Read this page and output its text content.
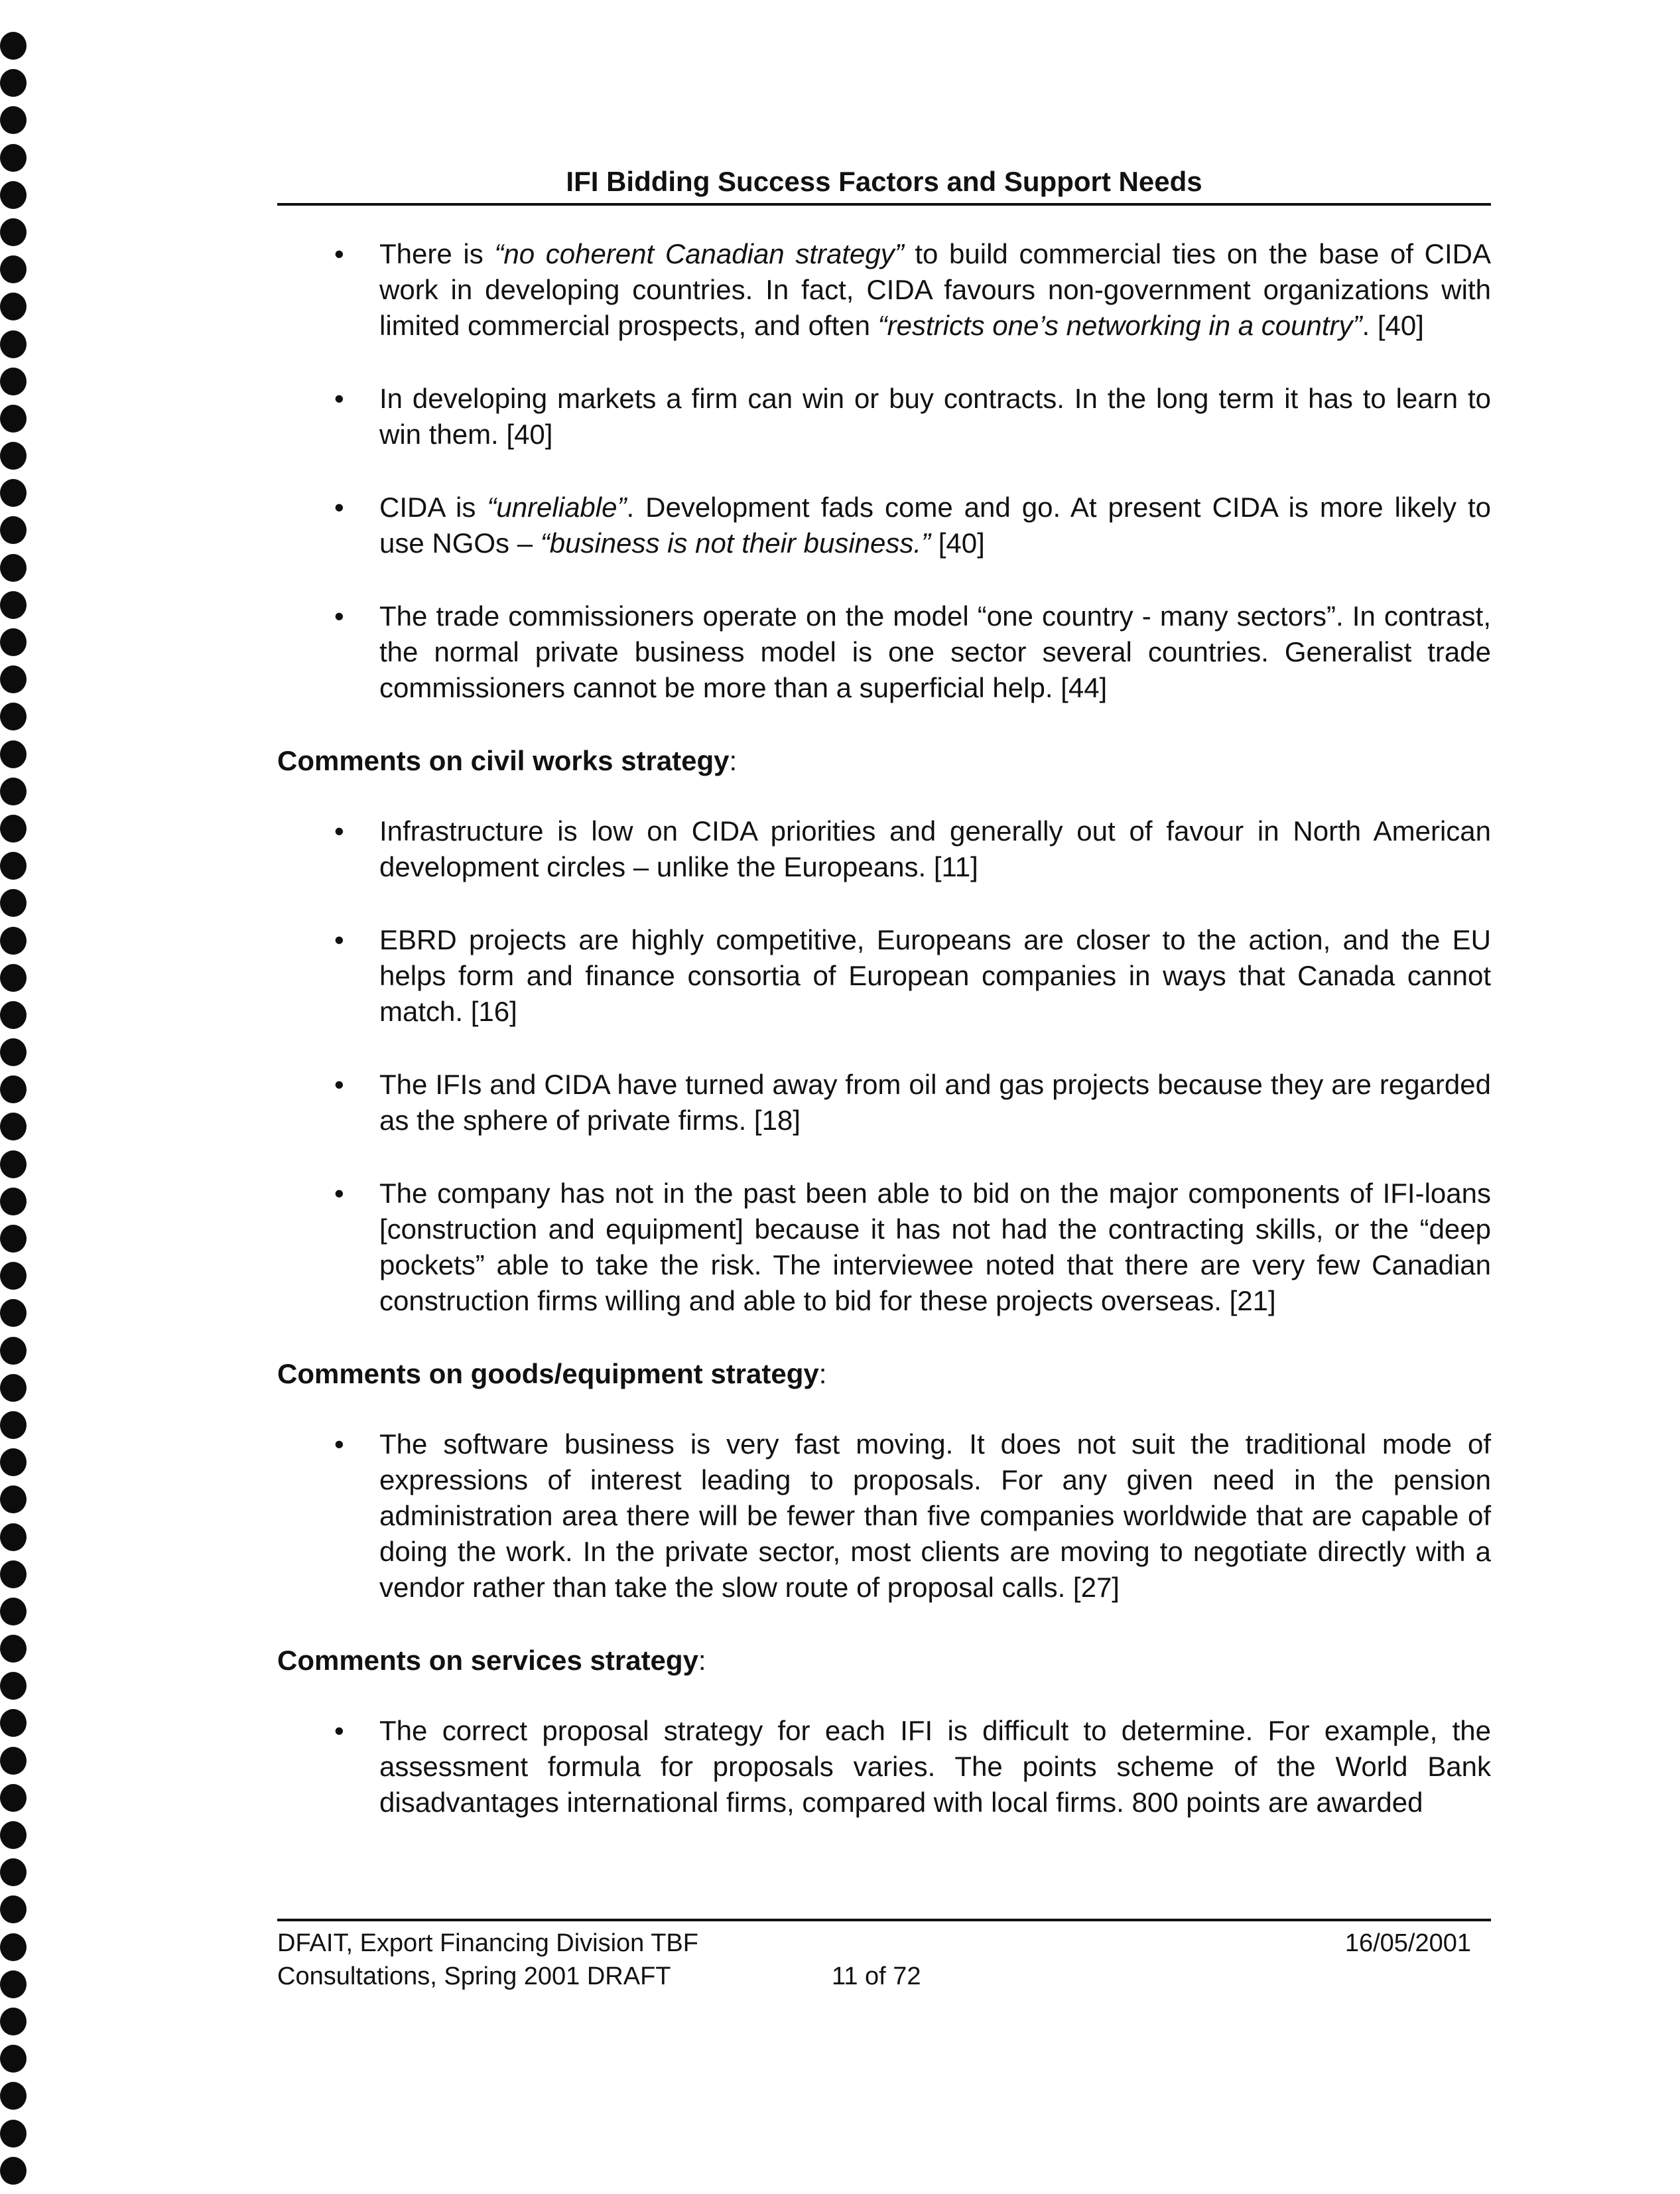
IFI Bidding Success Factors and Support Needs
• There is “no coherent Canadian strategy” to build commercial ties on the base of CIDA work in developing countries. In fact, CIDA favours non-government organizations with limited commercial prospects, and often “restricts one’s networking in a country”. [40]
• In developing markets a firm can win or buy contracts. In the long term it has to learn to win them. [40]
• CIDA is “unreliable”. Development fads come and go. At present CIDA is more likely to use NGOs – “business is not their business.” [40]
• The trade commissioners operate on the model “one country - many sectors”. In contrast, the normal private business model is one sector several countries. Generalist trade commissioners cannot be more than a superficial help. [44]
Comments on civil works strategy:
• Infrastructure is low on CIDA priorities and generally out of favour in North American development circles – unlike the Europeans. [11]
• EBRD projects are highly competitive, Europeans are closer to the action, and the EU helps form and finance consortia of European companies in ways that Canada cannot match. [16]
• The IFIs and CIDA have turned away from oil and gas projects because they are regarded as the sphere of private firms. [18]
• The company has not in the past been able to bid on the major components of IFI-loans [construction and equipment] because it has not had the contracting skills, or the “deep pockets” able to take the risk. The interviewee noted that there are very few Canadian construction firms willing and able to bid for these projects overseas. [21]
Comments on goods/equipment strategy:
• The software business is very fast moving. It does not suit the traditional mode of expressions of interest leading to proposals. For any given need in the pension administration area there will be fewer than five companies worldwide that are capable of doing the work. In the private sector, most clients are moving to negotiate directly with a vendor rather than take the slow route of proposal calls. [27]
Comments on services strategy:
• The correct proposal strategy for each IFI is difficult to determine. For example, the assessment formula for proposals varies. The points scheme of the World Bank disadvantages international firms, compared with local firms. 800 points are awarded
DFAIT, Export Financing Division TBF	16/05/2001
Consultations, Spring 2001 DRAFT	11 of 72
